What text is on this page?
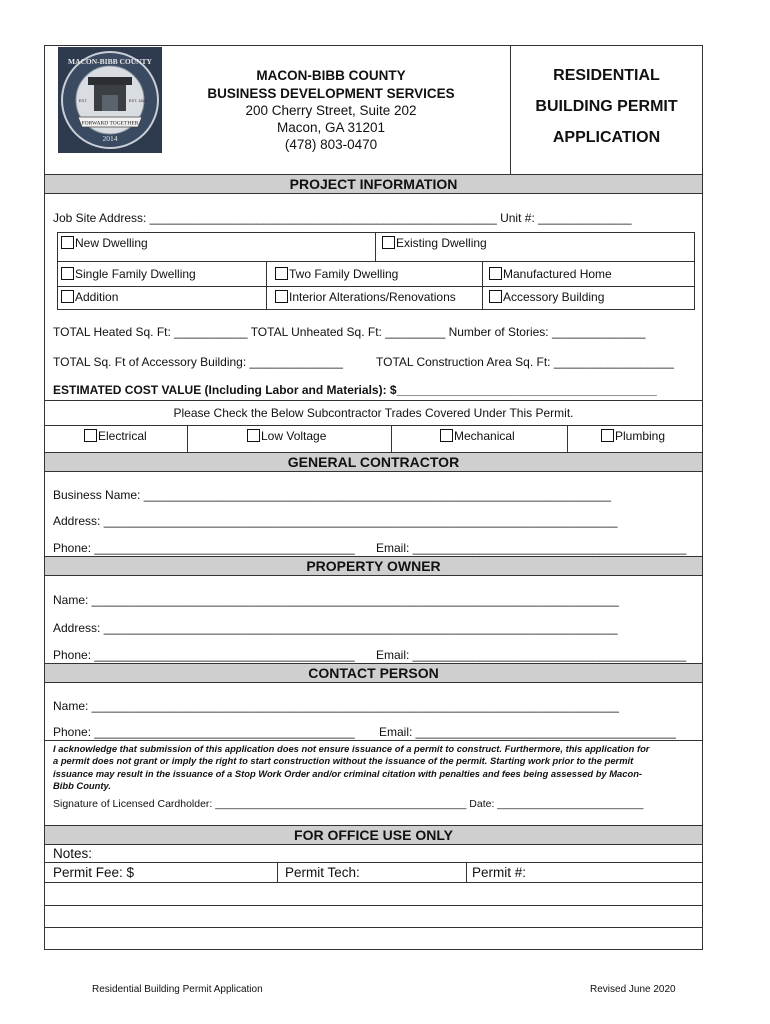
FORWARD TOGETHER
MACON-BIBB COUNTY
2014
EST.	EST. 1823
MACON-BIBB COUNTY
BUSINESS DEVELOPMENT SERVICES
200 Cherry Street, Suite 202
Macon, GA 31201
(478) 803-0470
RESIDENTIAL
BUILDING PERMIT
APPLICATION
PROJECT INFORMATION
Job Site Address: ____________________________________________________ Unit #: ______________
New Dwelling	Existing Dwelling
Single Family Dwelling	Two Family Dwelling	Manufactured Home
Addition	Interior Alterations/Renovations	Accessory Building
TOTAL Heated Sq. Ft: ___________ TOTAL Unheated Sq. Ft: _________ Number of Stories: ______________
TOTAL Sq. Ft of Accessory Building: ______________	TOTAL Construction Area Sq. Ft: __________________
ESTIMATED COST VALUE (Including Labor and Materials): $_______________________________________
Please Check the Below Subcontractor Trades Covered Under This Permit.
Electrical	Low Voltage	Mechanical	Plumbing
GENERAL CONTRACTOR
Business Name: ______________________________________________________________________
Address: _____________________________________________________________________________
Phone: _______________________________________ Email: _________________________________________
PROPERTY OWNER
Name: _______________________________________________________________________________
Address: _____________________________________________________________________________
Phone: _______________________________________ Email: _________________________________________
CONTACT PERSON
Name: _______________________________________________________________________________
Phone: _______________________________________ Email: _______________________________________
I acknowledge that submission of this application does not ensure issuance of a permit to construct. Furthermore, this application for
a permit does not grant or imply the right to start construction without the issuance of the permit. Starting work prior to the permit
issuance may result in the issuance of a Stop Work Order and/or criminal citation with penalties and fees being assessed by Macon-
Bibb County.
Signature of Licensed Cardholder: ___________________________________________ Date: _________________________
FOR OFFICE USE ONLY
Notes:
Permit Fee: $	Permit Tech:	Permit #:
Residential Building Permit Application	Revised June 2020
